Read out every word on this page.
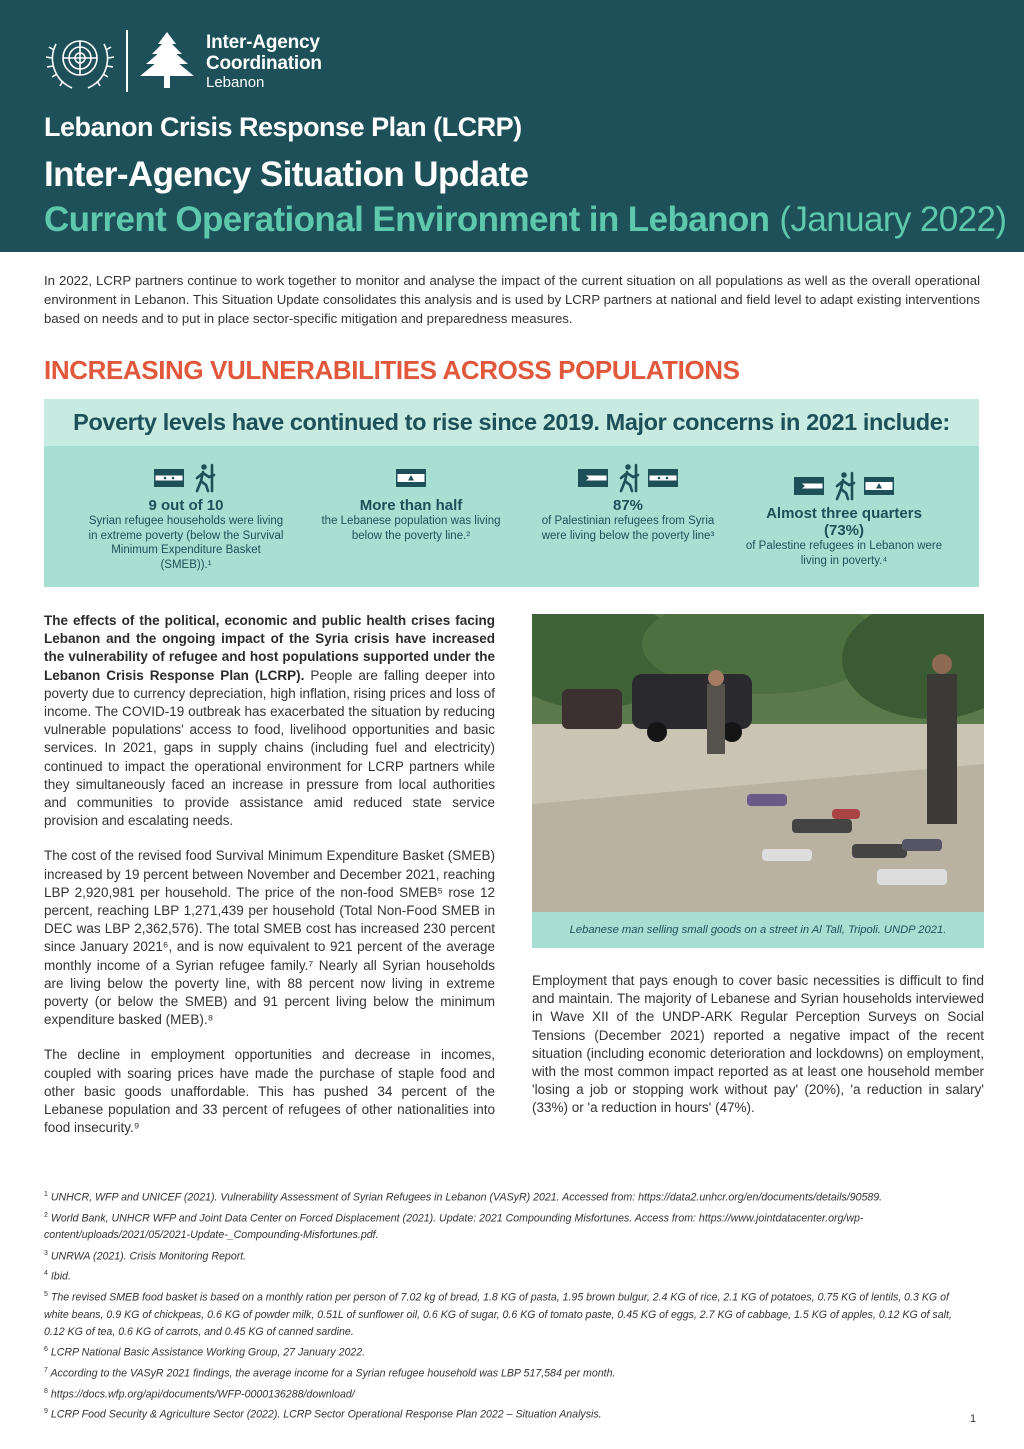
Inter-Agency
Coordination
Lebanon
Lebanon Crisis Response Plan (LCRP)
Inter-Agency Situation Update
Current Operational Environment in Lebanon (January 2022)
In 2022, LCRP partners continue to work together to monitor and analyse the impact of the current situation on all populations as well as the overall operational environment in Lebanon. This Situation Update consolidates this analysis and is used by LCRP partners at national and field level to adapt existing interventions based on needs and to put in place sector-specific mitigation and preparedness measures.
INCREASING VULNERABILITIES ACROSS POPULATIONS
Poverty levels have continued to rise since 2019. Major concerns in 2021 include:
9 out of 10
Syrian refugee households were living in extreme poverty (below the Survival Minimum Expenditure Basket (SMEB)).¹
More than half
the Lebanese population was living below the poverty line.²
87%
of Palestinian refugees from Syria were living below the poverty line³
Almost three quarters (73%)
of Palestine refugees in Lebanon were living in poverty.⁴

The effects of the political, economic and public health crises facing Lebanon and the ongoing impact of the Syria crisis have increased the vulnerability of refugee and host populations supported under the Lebanon Crisis Response Plan (LCRP). People are falling deeper into poverty due to currency depreciation, high inflation, rising prices and loss of income. The COVID-19 outbreak has exacerbated the situation by reducing vulnerable populations' access to food, livelihood opportunities and basic services. In 2021, gaps in supply chains (including fuel and electricity) continued to impact the operational environment for LCRP partners while they simultaneously faced an increase in pressure from local authorities and communities to provide assistance amid reduced state service provision and escalating needs.

The cost of the revised food Survival Minimum Expenditure Basket (SMEB) increased by 19 percent between November and December 2021, reaching LBP 2,920,981 per household. The price of the non-food SMEB⁵ rose 12 percent, reaching LBP 1,271,439 per household (Total Non-Food SMEB in DEC was LBP 2,362,576). The total SMEB cost has increased 230 percent since January 2021⁶, and is now equivalent to 921 percent of the average monthly income of a Syrian refugee family.⁷ Nearly all Syrian households are living below the poverty line, with 88 percent now living in extreme poverty (or below the SMEB) and 91 percent living below the minimum expenditure basked (MEB).⁸

The decline in employment opportunities and decrease in incomes, coupled with soaring prices have made the purchase of staple food and other basic goods unaffordable. This has pushed 34 percent of the Lebanese population and 33 percent of refugees of other nationalities into food insecurity.⁹

Lebanese man selling small goods on a street in Al Tall, Tripoli. UNDP 2021.
Employment that pays enough to cover basic necessities is difficult to find and maintain. The majority of Lebanese and Syrian households interviewed in Wave XII of the UNDP-ARK Regular Perception Surveys on Social Tensions (December 2021) reported a negative impact of the recent situation (including economic deterioration and lockdowns) on employment, with the most common impact reported as at least one household member 'losing a job or stopping work without pay' (20%), 'a reduction in salary' (33%) or 'a reduction in hours' (47%).
$^1$ UNHCR, WFP and UNICEF (2021). Vulnerability Assessment of Syrian Refugees in Lebanon (VASyR) 2021. Accessed from: https://data2.unhcr.org/en/documents/details/90589.
$^2$ World Bank, UNHCR WFP and Joint Data Center on Forced Displacement (2021). Update: 2021 Compounding Misfortunes. Access from: https://www.jointdatacenter.org/wp-content/uploads/2021/05/2021-Update-_Compounding-Misfortunes.pdf.
$^3$ UNRWA (2021). Crisis Monitoring Report.
$^4$ Ibid.
$^5$ The revised SMEB food basket is based on a monthly ration per person of 7.02 kg of bread, 1.8 KG of pasta, 1.95 brown bulgur, 2.4 KG of rice, 2.1 KG of potatoes, 0.75 KG of lentils, 0.3 KG of white beans, 0.9 KG of chickpeas, 0.6 KG of powder milk, 0.51L of sunflower oil, 0.6 KG of sugar, 0.6 KG of tomato paste, 0.45 KG of eggs, 2.7 KG of cabbage, 1.5 KG of apples, 0.12 KG of salt, 0.12 KG of tea, 0.6 KG of carrots, and 0.45 KG of canned sardine.
$^6$ LCRP National Basic Assistance Working Group, 27 January 2022.
$^7$ According to the VASyR 2021 findings, the average income for a Syrian refugee household was LBP 517,584 per month.
$^8$ https://docs.wfp.org/api/documents/WFP-0000136288/download/
$^9$ LCRP Food Security & Agriculture Sector (2022). LCRP Sector Operational Response Plan 2022 – Situation Analysis.	1
